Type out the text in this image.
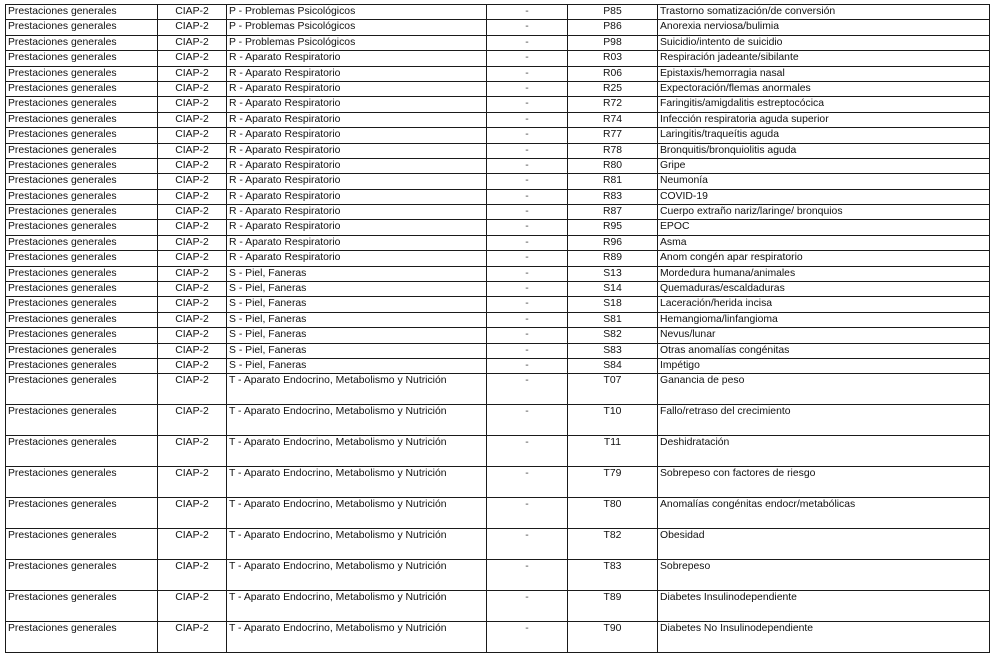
Prestaciones generales	CIAP-2	P - Problemas Psicológicos	-	P85	Trastorno somatización/de conversión
Prestaciones generales	CIAP-2	P - Problemas Psicológicos	-	P86	Anorexia nerviosa/bulimia
Prestaciones generales	CIAP-2	P - Problemas Psicológicos	-	P98	Suicidio/intento de suicidio
Prestaciones generales	CIAP-2	R - Aparato Respiratorio	-	R03	Respiración jadeante/sibilante
Prestaciones generales	CIAP-2	R - Aparato Respiratorio	-	R06	Epistaxis/hemorragia nasal
Prestaciones generales	CIAP-2	R - Aparato Respiratorio	-	R25	Expectoración/flemas anormales
Prestaciones generales	CIAP-2	R - Aparato Respiratorio	-	R72	Faringitis/amigdalitis estreptocócica
Prestaciones generales	CIAP-2	R - Aparato Respiratorio	-	R74	Infección respiratoria aguda superior
Prestaciones generales	CIAP-2	R - Aparato Respiratorio	-	R77	Laringitis/traqueítis aguda
Prestaciones generales	CIAP-2	R - Aparato Respiratorio	-	R78	Bronquitis/bronquiolitis aguda
Prestaciones generales	CIAP-2	R - Aparato Respiratorio	-	R80	Gripe
Prestaciones generales	CIAP-2	R - Aparato Respiratorio	-	R81	Neumonía
Prestaciones generales	CIAP-2	R - Aparato Respiratorio	-	R83	COVID-19
Prestaciones generales	CIAP-2	R - Aparato Respiratorio	-	R87	Cuerpo extraño nariz/laringe/ bronquios
Prestaciones generales	CIAP-2	R - Aparato Respiratorio	-	R95	EPOC
Prestaciones generales	CIAP-2	R - Aparato Respiratorio	-	R96	Asma
Prestaciones generales	CIAP-2	R - Aparato Respiratorio	-	R89	Anom congén apar respiratorio
Prestaciones generales	CIAP-2	S - Piel, Faneras	-	S13	Mordedura humana/animales
Prestaciones generales	CIAP-2	S - Piel, Faneras	-	S14	Quemaduras/escaldaduras
Prestaciones generales	CIAP-2	S - Piel, Faneras	-	S18	Laceración/herida incisa
Prestaciones generales	CIAP-2	S - Piel, Faneras	-	S81	Hemangioma/linfangioma
Prestaciones generales	CIAP-2	S - Piel, Faneras	-	S82	Nevus/lunar
Prestaciones generales	CIAP-2	S - Piel, Faneras	-	S83	Otras anomalías congénitas
Prestaciones generales	CIAP-2	S - Piel, Faneras	-	S84	Impétigo
Prestaciones generales	CIAP-2	T - Aparato Endocrino, Metabolismo y Nutrición	-	T07	Ganancia de peso
Prestaciones generales	CIAP-2	T - Aparato Endocrino, Metabolismo y Nutrición	-	T10	Fallo/retraso del crecimiento
Prestaciones generales	CIAP-2	T - Aparato Endocrino, Metabolismo y Nutrición	-	T11	Deshidratación
Prestaciones generales	CIAP-2	T - Aparato Endocrino, Metabolismo y Nutrición	-	T79	Sobrepeso con factores de riesgo
Prestaciones generales	CIAP-2	T - Aparato Endocrino, Metabolismo y Nutrición	-	T80	Anomalías congénitas endocr/metabólicas
Prestaciones generales	CIAP-2	T - Aparato Endocrino, Metabolismo y Nutrición	-	T82	Obesidad
Prestaciones generales	CIAP-2	T - Aparato Endocrino, Metabolismo y Nutrición	-	T83	Sobrepeso
Prestaciones generales	CIAP-2	T - Aparato Endocrino, Metabolismo y Nutrición	-	T89	Diabetes Insulinodependiente
Prestaciones generales	CIAP-2	T - Aparato Endocrino, Metabolismo y Nutrición	-	T90	Diabetes No Insulinodependiente
